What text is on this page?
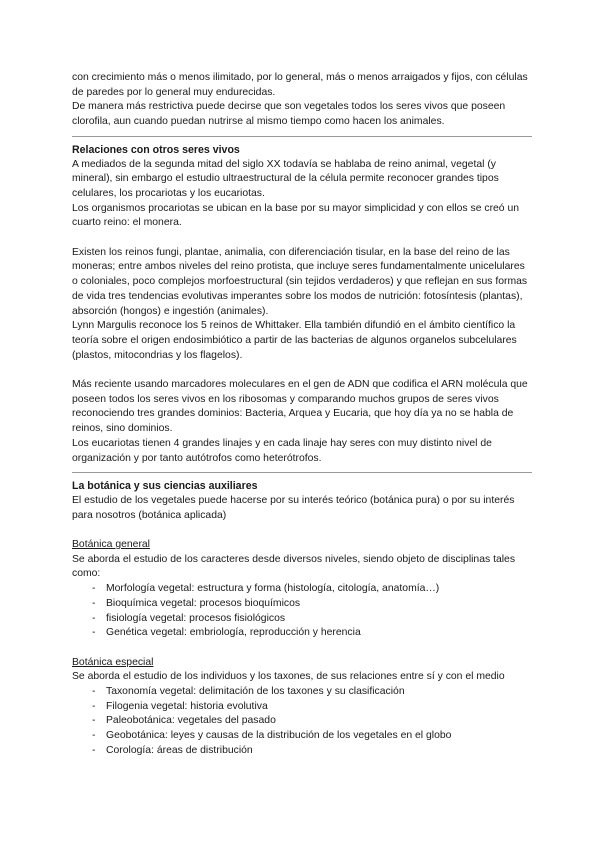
con crecimiento más o menos ilimitado, por lo general, más o menos arraigados y fijos, con células de paredes por lo general muy endurecidas.

De manera más restrictiva puede decirse que son vegetales todos los seres vivos que poseen clorofila, aun cuando puedan nutrirse al mismo tiempo como hacen los animales.

Relaciones con otros seres vivos

A mediados de la segunda mitad del siglo XX todavía se hablaba de reino animal, vegetal (y mineral), sin embargo el estudio ultraestructural de la célula permite reconocer grandes tipos celulares, los procariotas y los eucariotas.

Los organismos procariotas se ubican en la base por su mayor simplicidad y con ellos se creó un cuarto reino: el monera.

Existen los reinos fungi, plantae, animalia, con diferenciación tisular, en la base del reino de las moneras; entre ambos niveles del reino protista, que incluye seres fundamentalmente unicelulares o coloniales, poco complejos morfoestructural (sin tejidos verdaderos) y que reflejan en sus formas de vida tres tendencias evolutivas imperantes sobre los modos de nutrición: fotosíntesis (plantas), absorción (hongos) e ingestión (animales).

Lynn Margulis reconoce los 5 reinos de Whittaker. Ella también difundió en el ámbito científico la teoría sobre el origen endosimbiótico a partir de las bacterias de algunos organelos subcelulares (plastos, mitocondrias y los flagelos).

Más reciente usando marcadores moleculares en el gen de ADN que codifica el ARN molécula que poseen todos los seres vivos en los ribosomas y comparando muchos grupos de seres vivos reconociendo tres grandes dominios: Bacteria, Arquea y Eucaria, que hoy día ya no se habla de reinos, sino dominios.

Los eucariotas tienen 4 grandes linajes y en cada linaje hay seres con muy distinto nivel de organización y por tanto autótrofos como heterótrofos.

La botánica y sus ciencias auxiliares

El estudio de los vegetales puede hacerse por su interés teórico (botánica pura) o por su interés para nosotros (botánica aplicada)

Botánica general

Se aborda el estudio de los caracteres desde diversos niveles, siendo objeto de disciplinas tales como:

- Morfología vegetal: estructura y forma (histología, citología, anatomía…)
- Bioquímica vegetal: procesos bioquímicos
- fisiología vegetal: procesos fisiológicos
- Genética vegetal: embriología, reproducción y herencia

Botánica especial

Se aborda el estudio de los individuos y los taxones, de sus relaciones entre sí y con el medio

- Taxonomía vegetal: delimitación de los taxones y su clasificación
- Filogenia vegetal: historia evolutiva
- Paleobotánica: vegetales del pasado
- Geobotánica: leyes y causas de la distribución de los vegetales en el globo
- Corología: áreas de distribución
